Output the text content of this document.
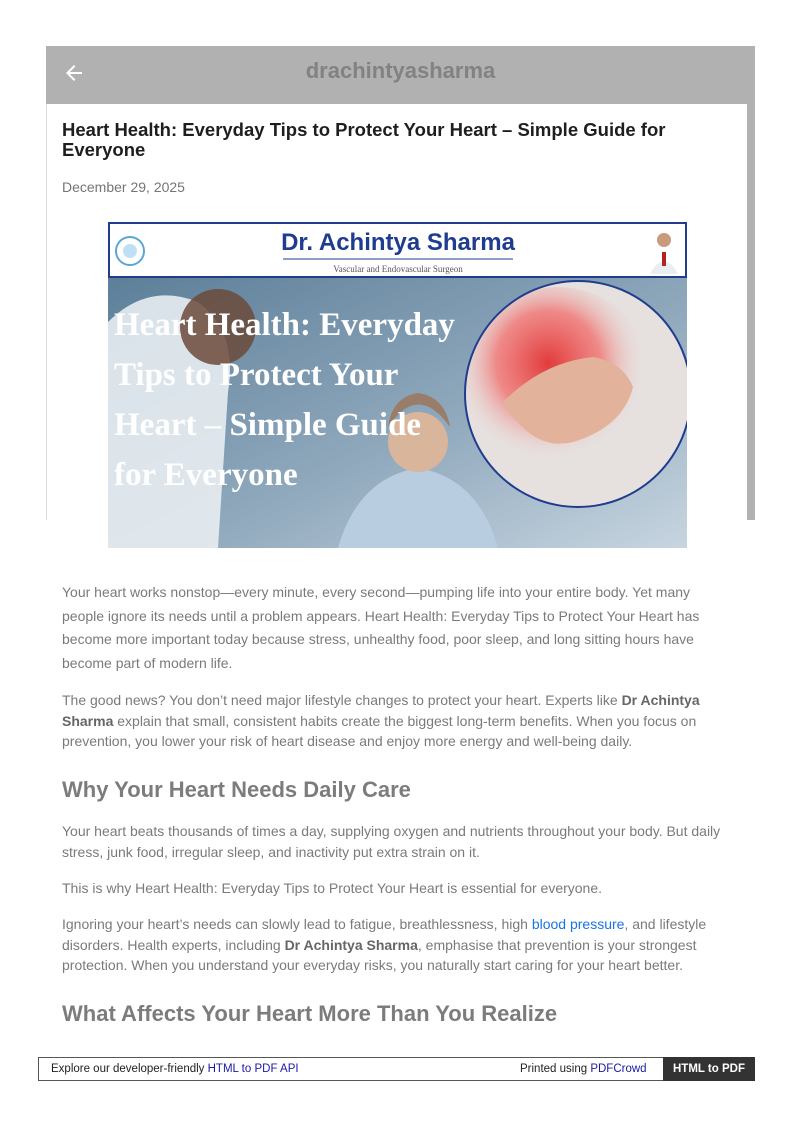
drachintyasharma
Heart Health: Everyday Tips to Protect Your Heart – Simple Guide for Everyone
December 29, 2025
Dr. Achintya Sharma
Vascular and Endovascular Surgeon
Heart Health: Everyday Tips to Protect Your Heart – Simple Guide for Everyone

Your heart works nonstop—every minute, every second—pumping life into your entire body. Yet many people ignore its needs until a problem appears. Heart Health: Everyday Tips to Protect Your Heart has become more important today because stress, unhealthy food, poor sleep, and long sitting hours have become part of modern life.

The good news? You don’t need major lifestyle changes to protect your heart. Experts like Dr Achintya Sharma explain that small, consistent habits create the biggest long-term benefits. When you focus on prevention, you lower your risk of heart disease and enjoy more energy and well-being daily.

Why Your Heart Needs Daily Care

Your heart beats thousands of times a day, supplying oxygen and nutrients throughout your body. But daily stress, junk food, irregular sleep, and inactivity put extra strain on it.

This is why Heart Health: Everyday Tips to Protect Your Heart is essential for everyone.

Ignoring your heart’s needs can slowly lead to fatigue, breathlessness, high blood pressure, and lifestyle disorders. Health experts, including Dr Achintya Sharma, emphasise that prevention is your strongest protection. When you understand your everyday risks, you naturally start caring for your heart better.

What Affects Your Heart More Than You Realize
Explore our developer-friendly HTML to PDF API	Printed using PDFCrowd	HTML to PDF
